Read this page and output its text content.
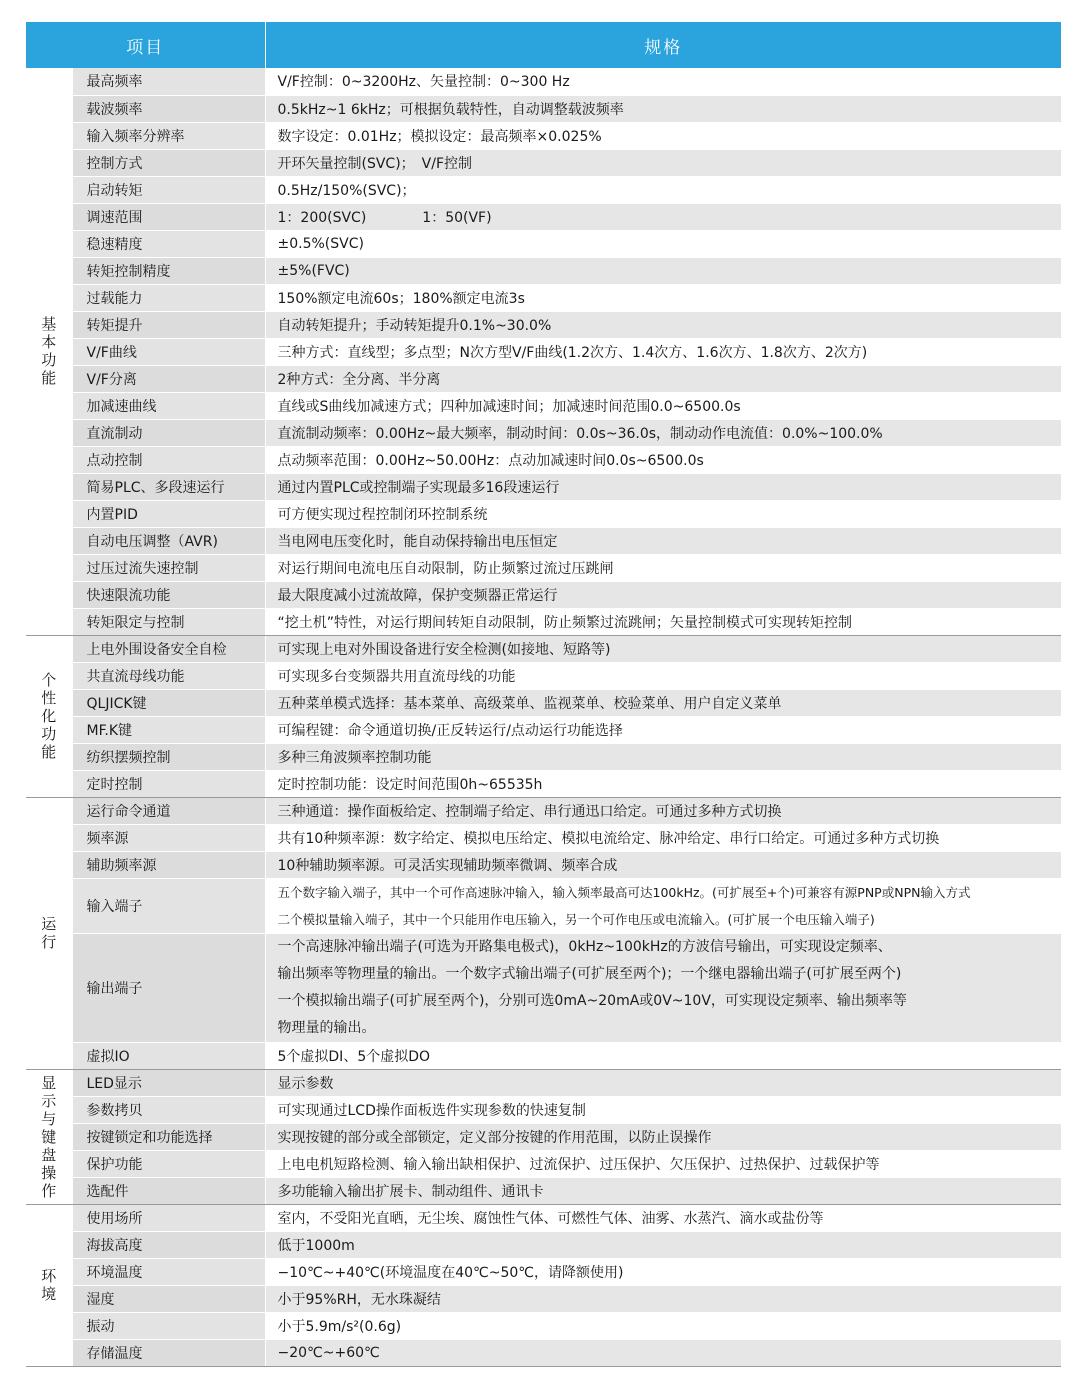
项目		规格
基本功能	最高频率	V/F控制：0~3200Hz、矢量控制：0~300 Hz
	载波频率	0.5kHz~1 6kHz；可根据负载特性，自动调整载波频率
	输入频率分辨率	数字设定：0.01Hz；模拟设定：最高频率×0.025%
	控制方式	开环矢量控制(SVC)；　V/F控制
	启动转矩	0.5Hz/150%(SVC)；
	调速范围	1：200(SVC)　　　　1：50(VF)
	稳速精度	±0.5%(SVC)
	转矩控制精度	±5%(FVC)
	过载能力	150%额定电流60s；180%额定电流3s
	转矩提升	自动转矩提升；手动转矩提升0.1%~30.0%
	V/F曲线	三种方式：直线型；多点型；N次方型V/F曲线(1.2次方、1.4次方、1.6次方、1.8次方、2次方)
	V/F分离	2种方式：全分离、半分离
	加减速曲线	直线或S曲线加减速方式；四种加减速时间；加减速时间范围0.0~6500.0s
	直流制动	直流制动频率：0.00Hz~最大频率，制动时间：0.0s~36.0s，制动动作电流值：0.0%~100.0%
	点动控制	点动频率范围：0.00Hz~50.00Hz：点动加减速时间0.0s~6500.0s
	简易PLC、多段速运行	通过内置PLC或控制端子实现最多16段速运行
	内置PID	可方便实现过程控制闭环控制系统
	自动电压调整（AVR)	当电网电压变化时，能自动保持输出电压恒定
	过压过流失速控制	对运行期间电流电压自动限制，防止频繁过流过压跳闸
	快速限流功能	最大限度减小过流故障，保护变频器正常运行
	转矩限定与控制	“挖土机”特性，对运行期间转矩自动限制，防止频繁过流跳闸；矢量控制模式可实现转矩控制
个性化功能	上电外围设备安全自检	可实现上电对外围设备进行安全检测(如接地、短路等)
	共直流母线功能	可实现多台变频器共用直流母线的功能
	QLJICK键	五种菜单模式选择：基本菜单、高级菜单、监视菜单、校验菜单、用户自定义菜单
	MF.K键	可编程键：命令通道切换/正反转运行/点动运行功能选择
	纺织摆频控制	多种三角波频率控制功能
	定时控制	定时控制功能：设定时间范围0h~65535h
运行	运行命令通道	三种通道：操作面板给定、控制端子给定、串行通迅口给定。可通过多种方式切换
	频率源	共有10种频率源：数字给定、模拟电压给定、模拟电流给定、脉冲给定、串行口给定。可通过多种方式切换
	辅助频率源	10种辅助频率源。可灵活实现辅助频率微调、频率合成
	输入端子	五个数字输入端子，其中一个可作高速脉冲输入，输入频率最高可达100kHz。(可扩展至+个)可兼容有源PNP或NPN输入方式
二个模拟量输入端子，其中一个只能用作电压输入，另一个可作电压或电流输入。(可扩展一个电压输入端子)

	输出端子	一个高速脉冲输出端子(可选为开路集电极式)，0kHz~100kHz的方波信号输出，可实现设定频率、
输出频率等物理量的输出。一个数字式输出端子(可扩展至两个)；一个继电器输出端子(可扩展至两个)
一个模拟输出端子(可扩展至两个)，分别可选0mA~20mA或0V~10V，可实现设定频率、输出频率等
物理量的输出。

	虚拟IO	5个虚拟DI、5个虚拟DO
显示与键盘操作	LED显示	显示参数
	参数拷贝	可实现通过LCD操作面板选件实现参数的快速复制
	按键锁定和功能选择	实现按键的部分或全部锁定，定义部分按键的作用范围，以防止误操作
	保护功能	上电电机短路检测、输入输出缺相保护、过流保护、过压保护、欠压保护、过热保护、过载保护等
	选配件	多功能输入输出扩展卡、制动组件、通讯卡
环境	使用场所	室内，不受阳光直晒，无尘埃、腐蚀性气体、可燃性气体、油雾、水蒸汽、滴水或盐份等
	海拔高度	低于1000m
	环境温度	−10℃~+40℃(环境温度在40℃~50℃，请降额使用)
	湿度	小于95%RH，无水珠凝结
	振动	小于5.9m/s²(0.6g)
	存储温度	−20℃~+60℃
